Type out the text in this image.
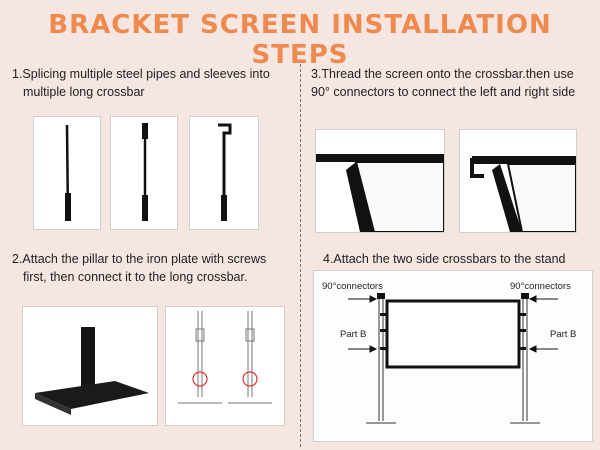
BRACKET SCREEN INSTALLATION STEPS
1.Splicing multiple steel pipes and sleeves into
multiple long crossbar
3.Thread the screen onto the crossbar.then use
90° connectors to connect the left and right side
2.Attach the pillar to the iron plate with screws
first, then connect it to the long crossbar.
4.Attach the two side crossbars to the stand
90°connectors	90°connectors
Part B	Part B
